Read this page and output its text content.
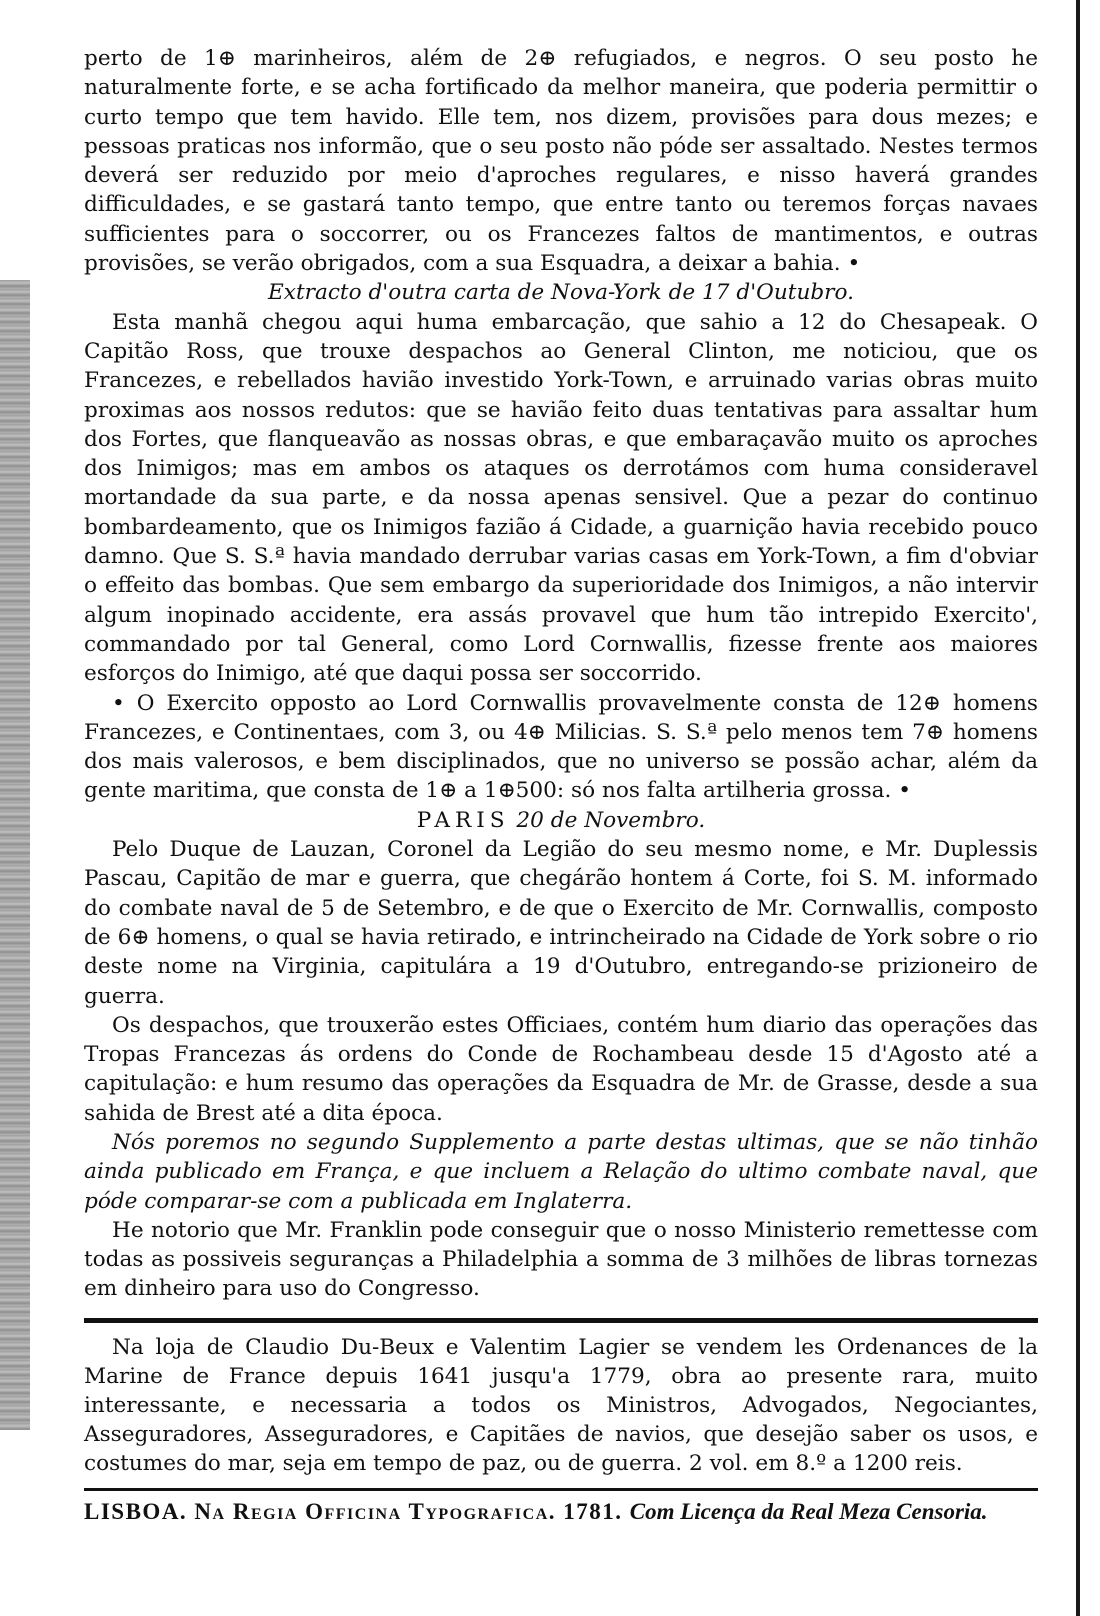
perto de 1⊕ marinheiros, além de 2⊕ refugiados, e negros. O seu posto he naturalmente forte, e se acha fortificado da melhor maneira, que poderia permittir o curto tempo que tem havido. Elle tem, nos dizem, provisões para dous mezes; e pessoas praticas nos informão, que o seu posto não póde ser assaltado. Nestes termos deverá ser reduzido por meio d'aproches regulares, e nisso haverá grandes difficuldades, e se gastará tanto tempo, que entre tanto ou teremos forças navaes sufficientes para o soccorrer, ou os Francezes faltos de mantimentos, e outras provisões, se verão obrigados, com a sua Esquadra, a deixar a bahia. •

Extracto d'outra carta de Nova-York de 17 d'Outubro.

Esta manhã chegou aqui huma embarcação, que sahio a 12 do Chesapeak. O Capitão Ross, que trouxe despachos ao General Clinton, me noticiou, que os Francezes, e rebellados havião investido York-Town, e arruinado varias obras muito proximas aos nossos redutos: que se havião feito duas tentativas para assaltar hum dos Fortes, que flanqueavão as nossas obras, e que embaraçavão muito os aproches dos Inimigos; mas em ambos os ataques os derrotámos com huma consideravel mortandade da sua parte, e da nossa apenas sensivel. Que a pezar do continuo bombardeamento, que os Inimigos fazião á Cidade, a guarnição havia recebido pouco damno. Que S. S.ª havia mandado derrubar varias casas em York-Town, a fim d'obviar o effeito das bombas. Que sem embargo da superioridade dos Inimigos, a não intervir algum inopinado accidente, era assás provavel que hum tão intrepido Exercito', commandado por tal General, como Lord Cornwallis, fizesse frente aos maiores esforços do Inimigo, até que daqui possa ser soccorrido.

• O Exercito opposto ao Lord Cornwallis provavelmente consta de 12⊕ homens Francezes, e Continentaes, com 3, ou 4⊕ Milicias. S. S.ª pelo menos tem 7⊕ homens dos mais valerosos, e bem disciplinados, que no universo se possão achar, além da gente maritima, que consta de 1⊕ a 1⊕500: só nos falta artilheria grossa. •

PARIS 20 de Novembro.

Pelo Duque de Lauzan, Coronel da Legião do seu mesmo nome, e Mr. Duplessis Pascau, Capitão de mar e guerra, que chegárão hontem á Corte, foi S. M. informado do combate naval de 5 de Setembro, e de que o Exercito de Mr. Cornwallis, composto de 6⊕ homens, o qual se havia retirado, e intrincheirado na Cidade de York sobre o rio deste nome na Virginia, capitulára a 19 d'Outubro, entregando-se prizioneiro de guerra.

Os despachos, que trouxerão estes Officiaes, contém hum diario das operações das Tropas Francezas ás ordens do Conde de Rochambeau desde 15 d'Agosto até a capitulação: e hum resumo das operações da Esquadra de Mr. de Grasse, desde a sua sahida de Brest até a dita época.

Nós poremos no segundo Supplemento a parte destas ultimas, que se não tinhão ainda publicado em França, e que incluem a Relação do ultimo combate naval, que póde comparar-se com a publicada em Inglaterra.

He notorio que Mr. Franklin pode conseguir que o nosso Ministerio remettesse com todas as possiveis seguranças a Philadelphia a somma de 3 milhões de libras tornezas em dinheiro para uso do Congresso.

Na loja de Claudio Du-Beux e Valentim Lagier se vendem les Ordenances de la Marine de France depuis 1641 jusqu'a 1779, obra ao presente rara, muito interessante, e necessaria a todos os Ministros, Advogados, Negociantes, Asseguradores, Asseguradores, e Capitães de navios, que desejão saber os usos, e costumes do mar, seja em tempo de paz, ou de guerra. 2 vol. em 8.º a 1200 reis.

LISBOA. Na Regia Officina Typografica. 1781. Com Licença da Real Meza Censoria.
